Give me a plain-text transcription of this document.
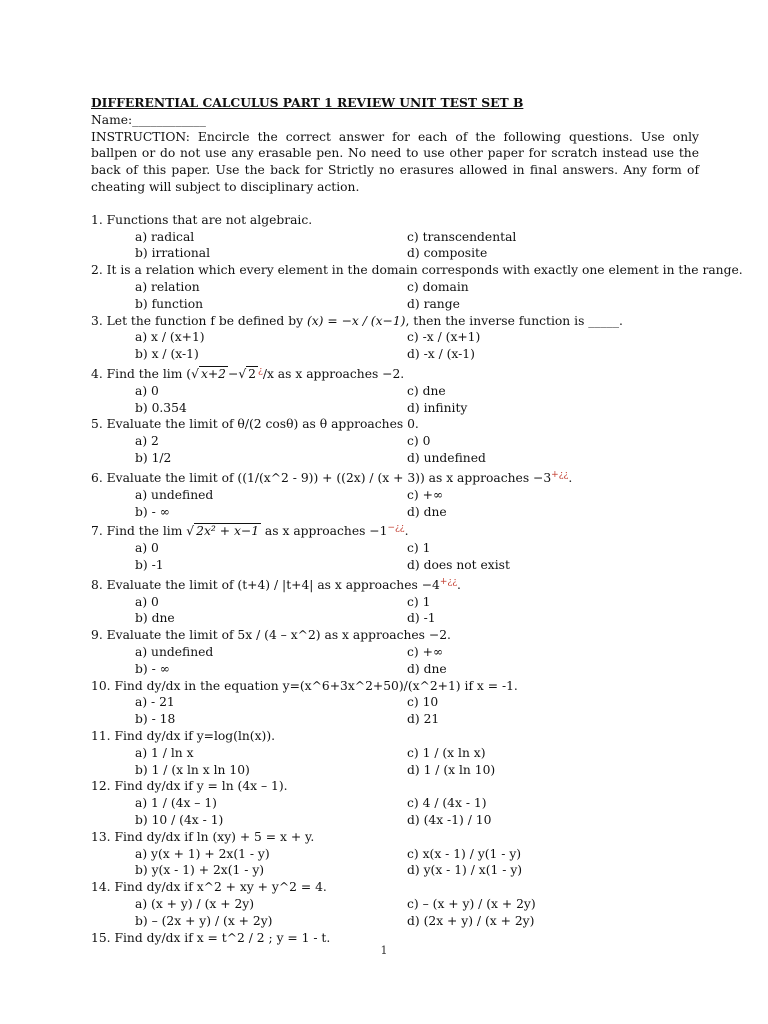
DIFFERENTIAL CALCULUS PART 1 REVIEW UNIT TEST SET B
Name:____________
INSTRUCTION: Encircle the correct answer for each of the following questions. Use only ballpen or do not use any erasable pen. No need to use other paper for scratch instead use the back of this paper. Use the back for Strictly no erasures allowed in final answers. Any form of cheating will subject to disciplinary action.
1. Functions that are not algebraic.
a) radical	c) transcendental
b) irrational	d) composite
2. It is a relation which every element in the domain corresponds with exactly one element in the range.
a) relation	c) domain
b) function	d) range
3. Let the function f be defined by (x) = −x / (x−1), then the inverse function is _____.
a) x / (x+1)	c) -x / (x+1)
b) x / (x-1)	d) -x / (x-1)
4. Find the lim (√ x+2 −√ 2 ¿/x as x approaches −2.
a) 0	c) dne
b) 0.354	d) infinity
5. Evaluate the limit of θ/(2 cosθ) as θ approaches 0.
a) 2	c) 0
b) 1/2	d) undefined
6. Evaluate the limit of ((1/(x^2 - 9)) + ((2x) / (x + 3)) as x approaches −3+¿¿.
a) undefined	c) +∞
b) - ∞	d) dne
7. Find the lim √ 2x² + x−1 as x approaches −1−¿¿.
a) 0	c) 1
b) -1	d) does not exist
8. Evaluate the limit of (t+4) / |t+4| as x approaches −4+¿¿.
a) 0	c) 1
b) dne	d) -1
9. Evaluate the limit of 5x / (4 – x^2) as x approaches −2.
a) undefined	c) +∞
b) - ∞	d) dne
10. Find dy/dx in the equation y=(x^6+3x^2+50)/(x^2+1) if x = -1.
a) - 21	c) 10
b) - 18	d) 21
11. Find dy/dx if y=log(ln(x)).
a) 1 / ln x	c) 1 / (x ln x)
b) 1 / (x ln x ln 10)	d) 1 / (x ln 10)
12. Find dy/dx if y = ln (4x – 1).
a) 1 / (4x – 1)	c) 4 / (4x - 1)
b) 10 / (4x - 1)	d) (4x -1) / 10
13. Find dy/dx if ln (xy) + 5 = x + y.
a) y(x + 1) + 2x(1 - y)	c) x(x - 1) / y(1 - y)
b) y(x - 1) + 2x(1 - y)	d) y(x - 1) / x(1 - y)
14. Find dy/dx if x^2 + xy + y^2 = 4.
a) (x + y) / (x + 2y)	c) – (x + y) / (x + 2y)
b) – (2x + y) / (x + 2y)	d) (2x + y) / (x + 2y)
15. Find dy/dx if x = t^2 / 2 ; y = 1 - t.
1
